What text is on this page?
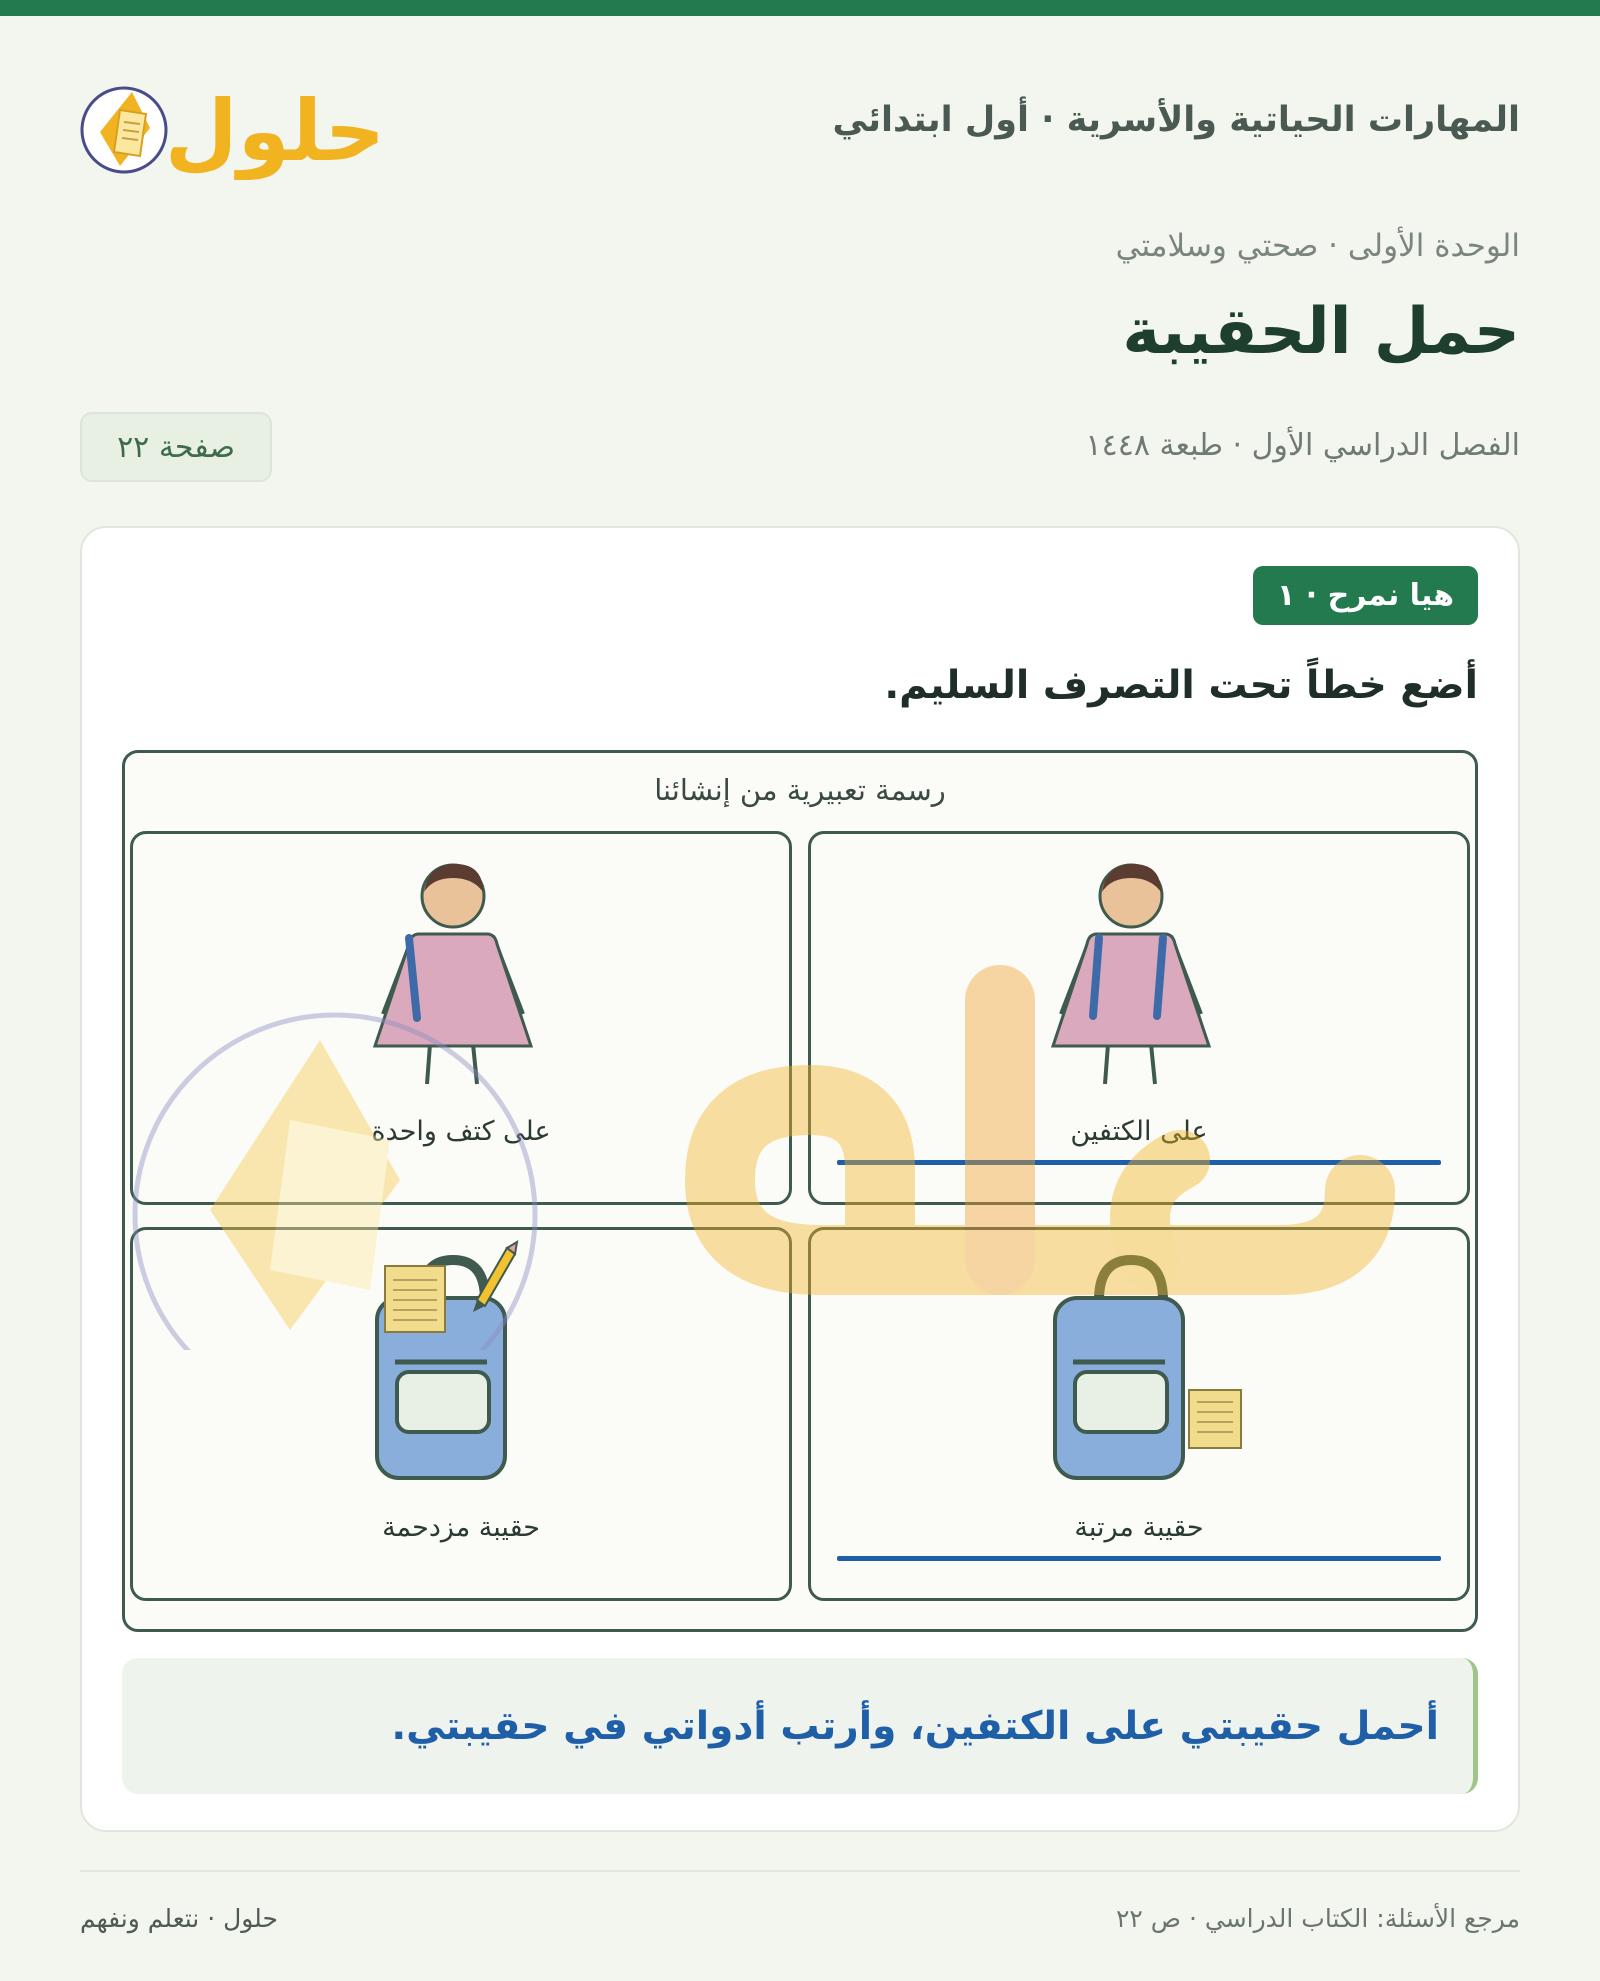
المهارات الحياتية والأسرية · أول ابتدائي
حلول
الوحدة الأولى · صحتي وسلامتي
حمل الحقيبة
الفصل الدراسي الأول · طبعة ١٤٤٨
صفحة ٢٢
هيا نمرح · ١
أضع خطاً تحت التصرف السليم.
رسمة تعبيرية من إنشائنا
على الكتفين
على كتف واحدة
حقيبة مرتبة
حقيبة مزدحمة
أحمل حقيبتي على الكتفين، وأرتب أدواتي في حقيبتي.
مرجع الأسئلة: الكتاب الدراسي · ص ٢٢
حلول · نتعلم ونفهم
